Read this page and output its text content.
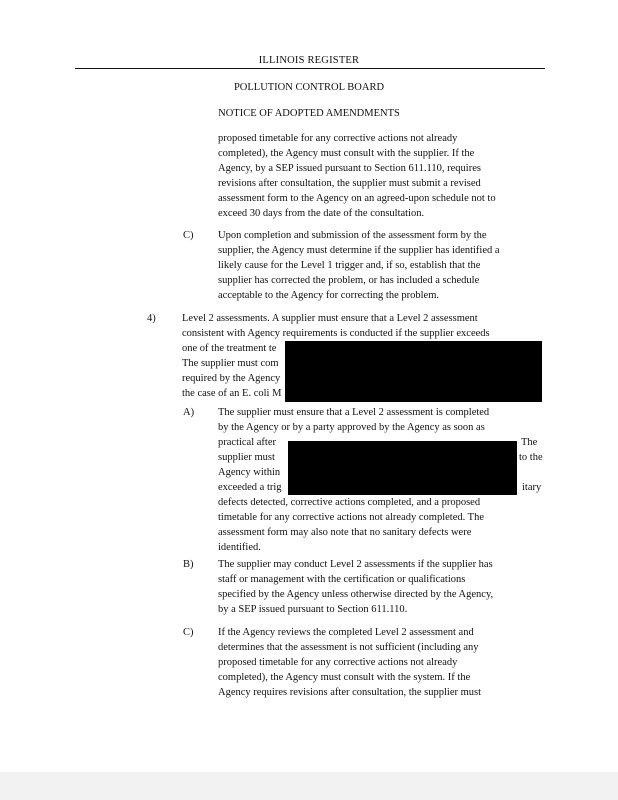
ILLINOIS REGISTER
POLLUTION CONTROL BOARD
NOTICE OF ADOPTED AMENDMENTS

proposed timetable for any corrective actions not already
completed), the Agency must consult with the supplier. If the
Agency, by a SEP issued pursuant to Section 611.110, requires
revisions after consultation, the supplier must submit a revised
assessment form to the Agency on an agreed-upon schedule not to
exceed 30 days from the date of the consultation.

C) Upon completion and submission of the assessment form by the
supplier, the Agency must determine if the supplier has identified a
likely cause for the Level 1 trigger and, if so, establish that the
supplier has corrected the problem, or has included a schedule
acceptable to the Agency for correcting the problem.

4)	Level 2 assessments. A supplier must ensure that a Level 2 assessment
consistent with Agency requirements is conducted if the supplier exceeds
one of the treatment te
The supplier must com
required by the Agency
the case of an E. coli M
A) The supplier must ensure that a Level 2 assessment is completed
by the Agency or by a party approved by the Agency as soon as
practical after	The
supplier must	to the
Agency within
exceeded a trig	itary

defects detected, corrective actions completed, and a proposed
timetable for any corrective actions not already completed. The
assessment form may also note that no sanitary defects were
identified.

B) The supplier may conduct Level 2 assessments if the supplier has
staff or management with the certification or qualifications
specified by the Agency unless otherwise directed by the Agency,
by a SEP issued pursuant to Section 611.110.

C) If the Agency reviews the completed Level 2 assessment and
determines that the assessment is not sufficient (including any
proposed timetable for any corrective actions not already
completed), the Agency must consult with the system. If the
Agency requires revisions after consultation, the supplier must
